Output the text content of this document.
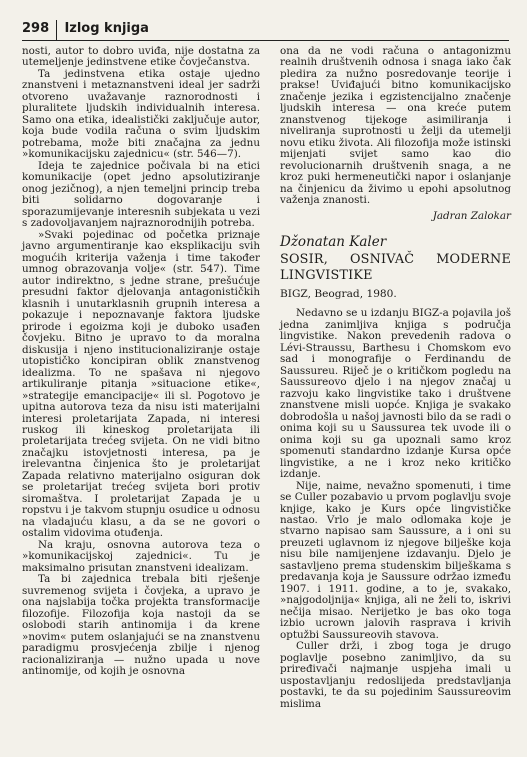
298 Izlog knjiga

nosti, autor to dobro uviđa, nije dostatna za utemeljenje jedinstvene etike čovječanstva.

Ta jedinstvena etika ostaje ujedno znanstveni i metaznanstveni ideal jer sadrži otvoreno uvažavanje raznorodnosti i pluralitete ljudskih individualnih interesa. Samo ona etika, idealistički zaključuje autor, koja bude vodila računa o svim ljudskim potrebama, može biti značajna za jednu »komunikacijsku zajednicu« (str. 546—7).

Ideja te zajednice počivala bi na etici komunikacije (opet jedno apsolutiziranje onog jezičnog), a njen temeljni princip treba biti solidarno dogovaranje i sporazumijevanje interesnih subjekata u vezi s zadovoljavanjem najraznorodnijih potreba.

»Svaki pojedinac od početka priznaje javno argumentiranje kao eksplikaciju svih mogućih kriterija važenja i time također umnog obrazovanja volje« (str. 547). Time autor indirektno, s jedne strane, prešućuje presudni faktor djelovanja antagonističkih klasnih i unutarklasnih grupnih interesa a pokazuje i nepoznavanje faktora ljudske prirode i egoizma koji je duboko usađen čovjeku. Bitno je upravo to da moralna diskusija i njeno institucionaliziranje ostaje utopističko koncipiran oblik znanstvenog idealizma. To ne spašava ni njegovo artikuliranje pitanja »situacione etike«, »strategije emancipacije« ili sl. Pogotovo je upitna autorova teza da nisu isti materijalni interesi proletarijata Zapada, ni interesi ruskog ili kineskog proletarijata ili proletarijata trećeg svijeta. On ne vidi bitno značajku istovjetnosti interesa, pa je irelevantna činjenica što je proletarijat Zapada relativno materijalno osiguran dok se proletarijat trećeg svijeta bori protiv siromaštva. I proletarijat Zapada je u ropstvu i je takvom stupnju osudice u odnosu na vladajuću klasu, a da se ne govori o ostalim vidovima otuđenja.

Na kraju, osnovna autorova teza o »komunikacijskoj zajednici«. Tu je maksimalno prisutan znanstveni idealizam.

Ta bi zajednica trebala biti rješenje suvremenog svijeta i čovjeka, a upravo je ona najslabija točka projekta transformacije filozofije. Filozofija koja nastoji da se oslobodi starih antinomija i da krene »novim« putem oslanjajući se na znanstvenu paradigmu prosvjećenja zbilje i njenog racionaliziranja — nužno upada u nove antinomije, od kojih je osnovna

ona da ne vodi računa o antagonizmu realnih društvenih odnosa i snaga iako čak pledira za nužno posredovanje teorije i prakse! Uviđajući bitno komunikacijsko značenje jezika i egzistencijalno značenje ljudskih interesa — ona kreće putem znanstvenog tijekoge asimiliranja i niveliranja suprotnosti u želji da utemelji novu etiku života. Ali filozofija može istinski mijenjati svijet samo kao dio revolucionarnih društvenih snaga, a ne kroz puki hermeneutički napor i oslanjanje na činjenicu da živimo u epohi apsolutnog važenja znanosti.

Jadran Zalokar
Džonatan Kaler
SOSIR, OSNIVAČ MODERNE LINGVISTIKE
BIGZ, Beograd, 1980.

Nedavno se u izdanju BIGZ-a pojavila još jedna zanimljiva knjiga s područja lingvistike. Nakon prevedenih radova o Lévi-Straussu, Barthesu i Chomskom evo sad i monografije o Ferdinandu de Saussureu. Riječ je o kritičkom pogledu na Saussureovo djelo i na njegov značaj u razvoju kako lingvistike tako i društvene znanstvene misli uopće. Knjiga je svakako dobrodošla u našoj javnosti bilo da se radi o onima koji su u Saussurea tek uvode ili o onima koji su ga upoznali samo kroz spomenuti standardno izdanje Kursa opće lingvistike, a ne i kroz neko kritičko izdanje.

Nije, naime, nevažno spomenuti, i time se Culler pozabavio u prvom poglavlju svoje knjige, kako je Kurs opće lingvističke nastao. Vrlo je malo odlomaka koje je stvarno napisao sam Saussure, a i oni su preuzeti uglavnom iz njegove bilješke koja nisu bile namijenjene izdavanju. Djelo je sastavljeno prema studenskim bilješkama s predavanja koja je Saussure održao između 1907. i 1911. godine, a to je, svakako, »najgodoljnija« knjiga, ali ne želi to, iskrivi nečija misao. Nerijetko je bas oko toga izbio ucrown jalovih rasprava i krivih optužbi Saussureovih stavova.

Culler drži, i zbog toga je drugo poglavlje posebno zanimljivo, da su priređivači najmanje uspjeha imali u uspostavljanju redoslijeda predstavljanja postavki, te da su pojedinim Saussureovim mislima
